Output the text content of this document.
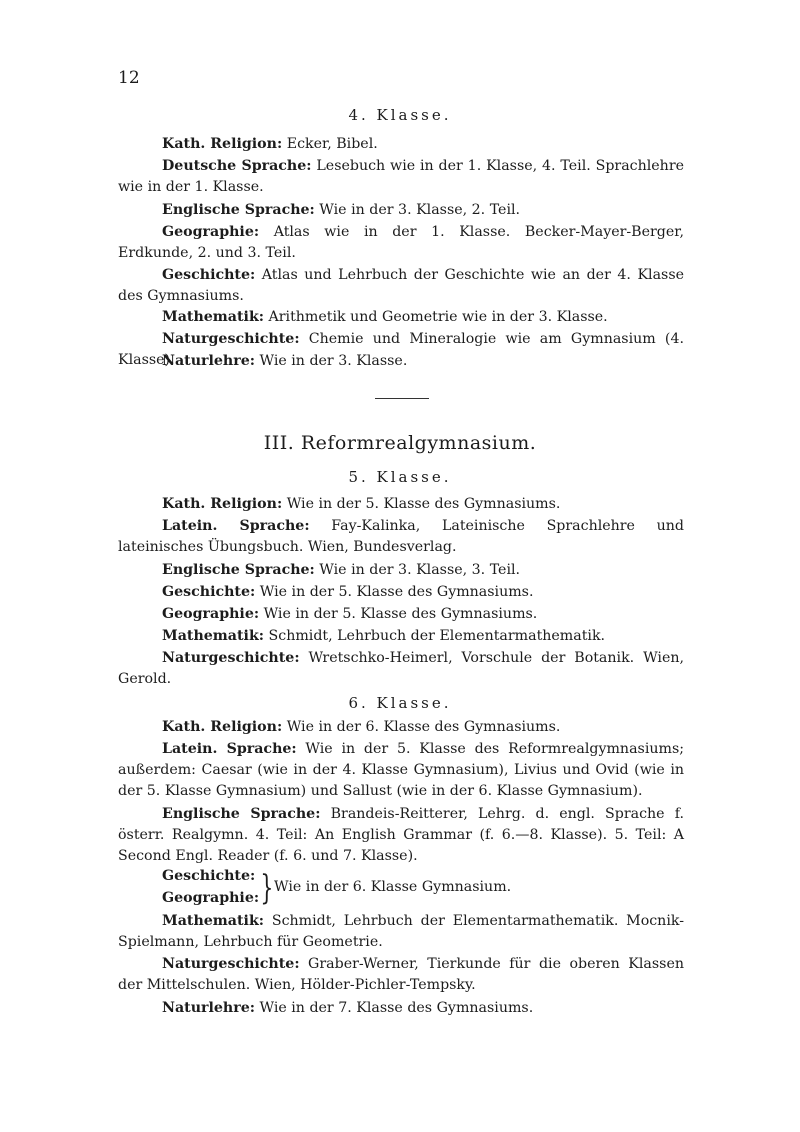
12
4. Klasse.
Kath. Religion: Ecker, Bibel.
Deutsche Sprache: Lesebuch wie in der 1. Klasse, 4. Teil. Sprachlehre wie in der 1. Klasse.
Englische Sprache: Wie in der 3. Klasse, 2. Teil.
Geographie: Atlas wie in der 1. Klasse. Becker-Mayer-Berger, Erdkunde, 2. und 3. Teil.
Geschichte: Atlas und Lehrbuch der Geschichte wie an der 4. Klasse des Gymnasiums.
Mathematik: Arithmetik und Geometrie wie in der 3. Klasse.
Naturgeschichte: Chemie und Mineralogie wie am Gymnasium (4. Klasse).
Naturlehre: Wie in der 3. Klasse.
III. Reformrealgymnasium.
5. Klasse.
Kath. Religion: Wie in der 5. Klasse des Gymnasiums.
Latein. Sprache: Fay-Kalinka, Lateinische Sprachlehre und lateinisches Übungsbuch. Wien, Bundesverlag.
Englische Sprache: Wie in der 3. Klasse, 3. Teil.
Geschichte: Wie in der 5. Klasse des Gymnasiums.
Geographie: Wie in der 5. Klasse des Gymnasiums.
Mathematik: Schmidt, Lehrbuch der Elementarmathematik.
Naturgeschichte: Wretschko-Heimerl, Vorschule der Botanik. Wien, Gerold.
6. Klasse.
Kath. Religion: Wie in der 6. Klasse des Gymnasiums.
Latein. Sprache: Wie in der 5. Klasse des Reformrealgymnasiums; außerdem: Caesar (wie in der 4. Klasse Gymnasium), Livius und Ovid (wie in der 5. Klasse Gymnasium) und Sallust (wie in der 6. Klasse Gymnasium).
Englische Sprache: Brandeis-Reitterer, Lehrg. d. engl. Sprache f. österr. Realgymn. 4. Teil: An English Grammar (f. 6.—8. Klasse). 5. Teil: A Second Engl. Reader (f. 6. und 7. Klasse).
Geschichte:
Geographie: } Wie in der 6. Klasse Gymnasium.
Mathematik: Schmidt, Lehrbuch der Elementarmathematik. Mocnik-Spielmann, Lehrbuch für Geometrie.
Naturgeschichte: Graber-Werner, Tierkunde für die oberen Klassen der Mittelschulen. Wien, Hölder-Pichler-Tempsky.
Naturlehre: Wie in der 7. Klasse des Gymnasiums.
